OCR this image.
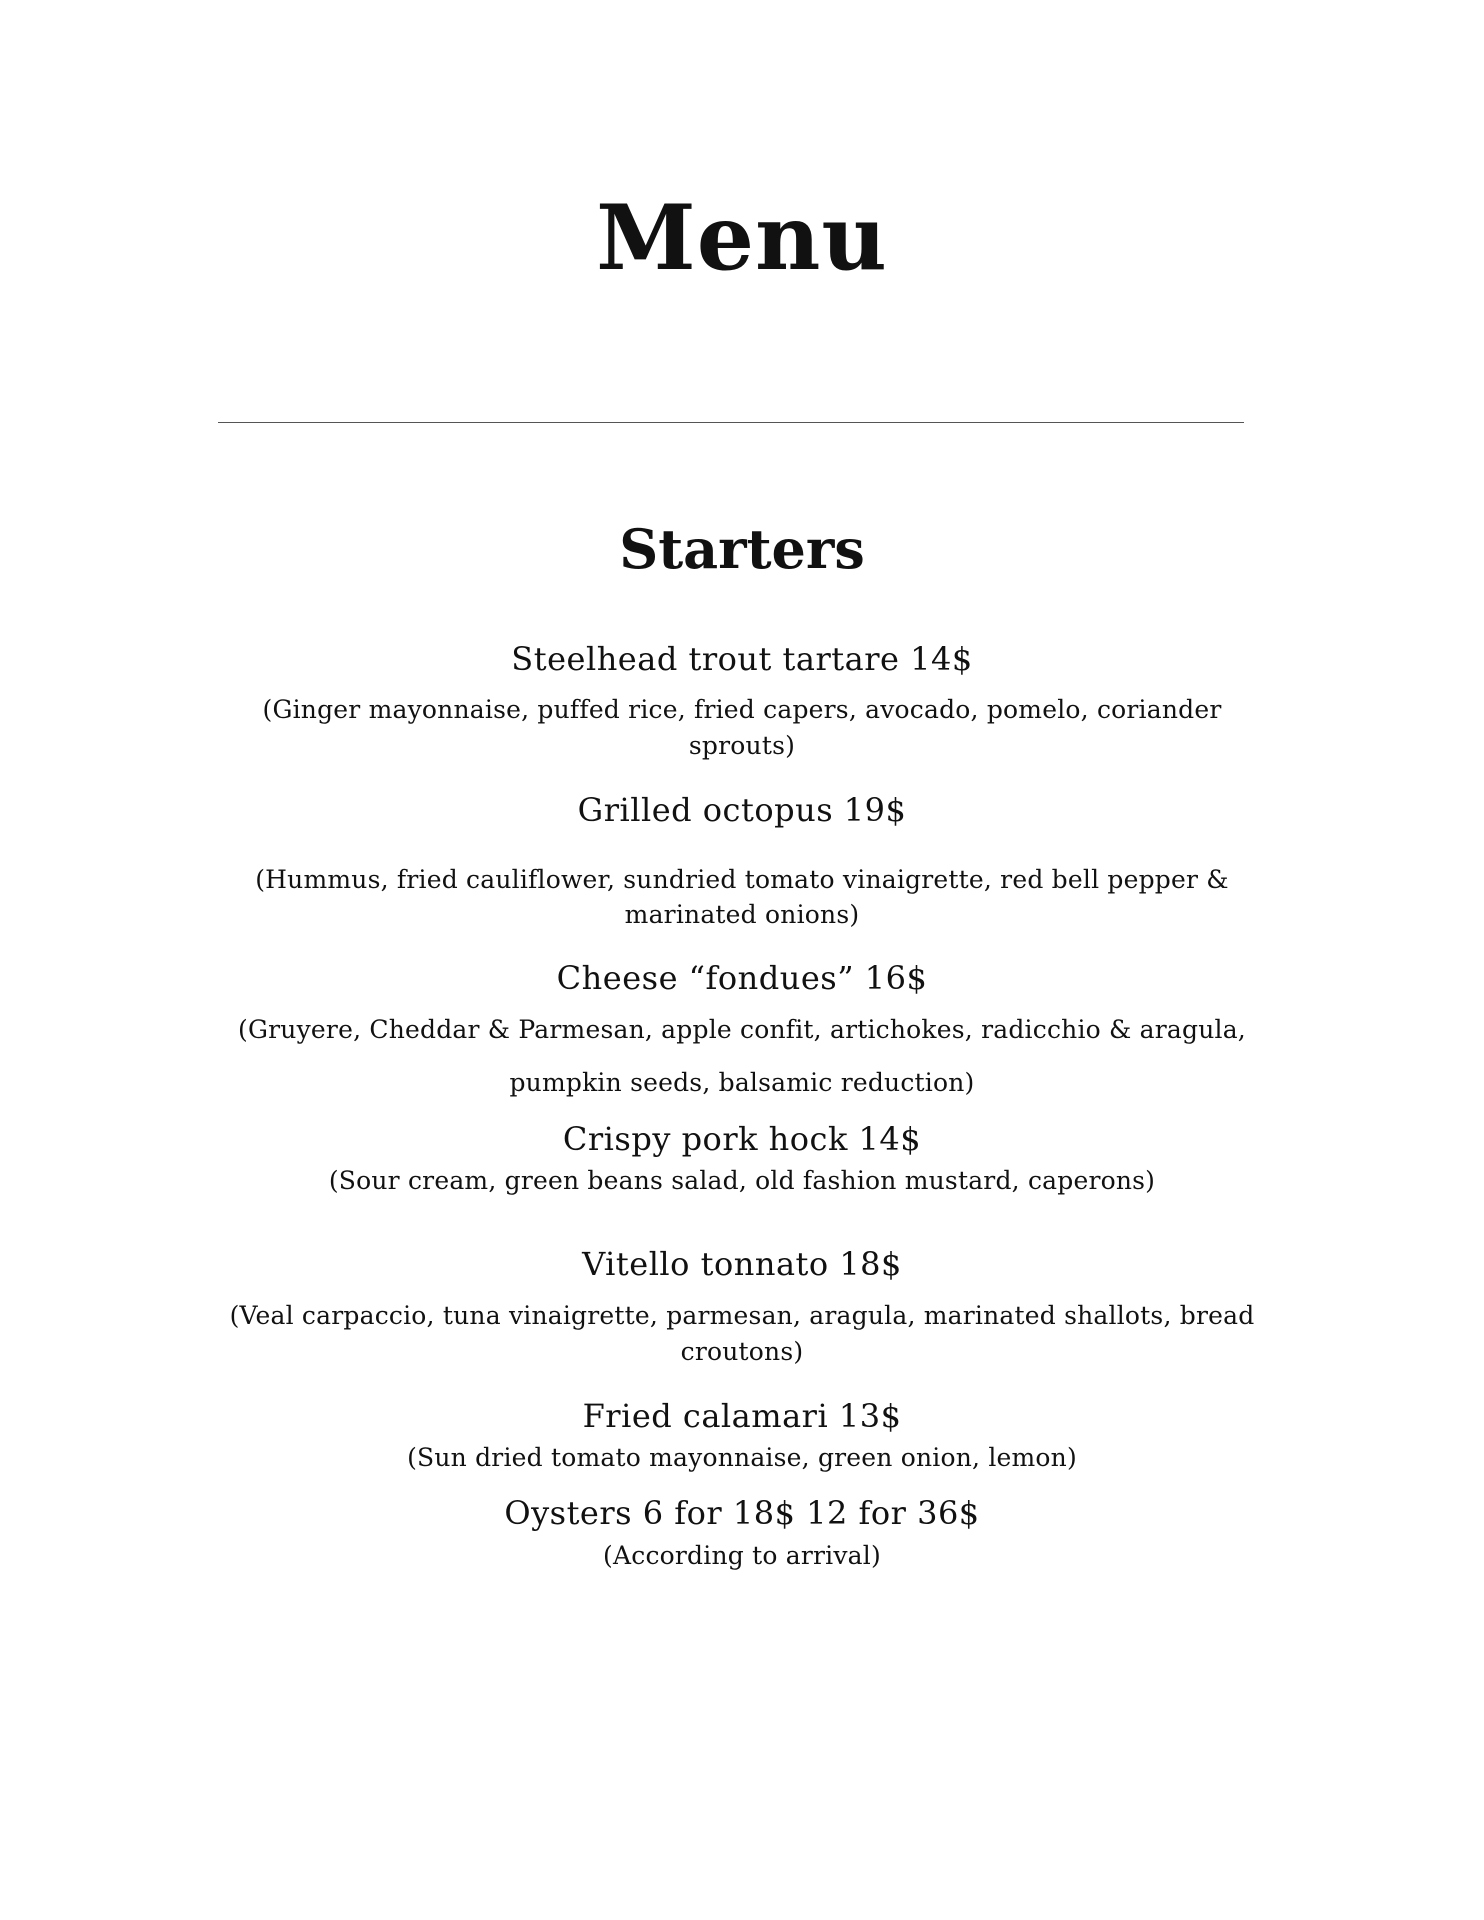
Menu
Starters
Steelhead trout tartare 14$
(Ginger mayonnaise, puffed rice, fried capers, avocado, pomelo, coriander
sprouts)
Grilled octopus 19$
(Hummus, fried cauliflower, sundried tomato vinaigrette, red bell pepper &
marinated onions)
Cheese “fondues” 16$
(Gruyere, Cheddar & Parmesan, apple confit, artichokes, radicchio & aragula,
pumpkin seeds, balsamic reduction)
Crispy pork hock 14$
(Sour cream, green beans salad, old fashion mustard, caperons)
Vitello tonnato 18$
(Veal carpaccio, tuna vinaigrette, parmesan, aragula, marinated shallots, bread
croutons)
Fried calamari 13$
(Sun dried tomato mayonnaise, green onion, lemon)
Oysters 6 for 18$ 12 for 36$
(According to arrival)
